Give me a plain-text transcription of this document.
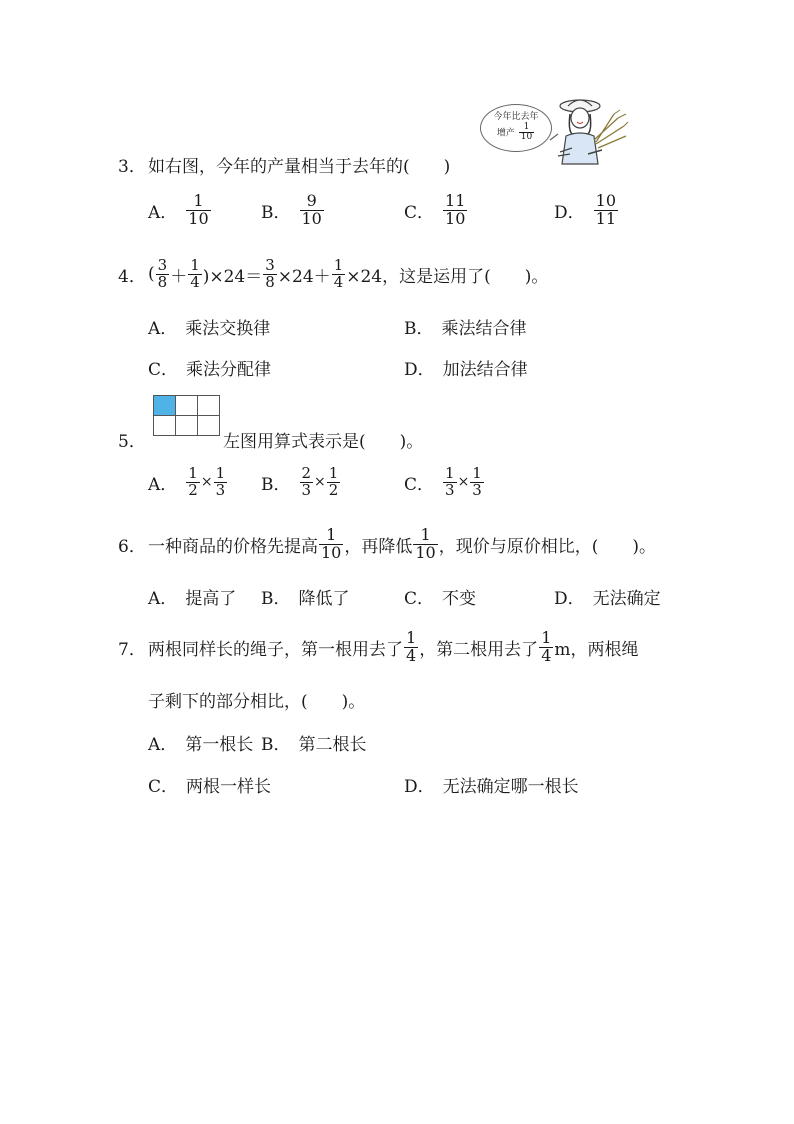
今年比去年
增产 $\frac{1}{10}$
3． 如右图，今年的产量相当于去年的(　　)
A． $\frac{1}{10}$	B． $\frac{9}{10}$	C． $\frac{11}{10}$	D． $\frac{10}{11}$
4． ( $\frac{3}{8} + \frac{1}{4} )\times 24= \frac{3}{8} \times 24+ \frac{1}{4} \times 24$，这是运用了(　　)。
A． 乘法交换律	B． 乘法结合律
C． 乘法分配律	D． 加法结合律

5．	左图用算式表示是(　　)。
A． $\frac{1}{2} \times \frac{1}{3}$ B． $\frac{2}{3} \times \frac{1}{2}$	C． $\frac{1}{3} \times \frac{1}{3}$
6． 一种商品的价格先提高 $\frac{1}{10}$ ，再降低 $\frac{1}{10}$ ，现价与原价相比，(　　)。
A． 提高了 B． 降低了	C． 不变	D． 无法确定
7． 两根同样长的绳子，第一根用去了 $\frac{1}{4}$ ，第二根用去了 $\frac{1}{4}$ m，两根绳
子剩下的部分相比，(　　)。
A． 第一根长 B． 第二根长
C． 两根一样长	D． 无法确定哪一根长
